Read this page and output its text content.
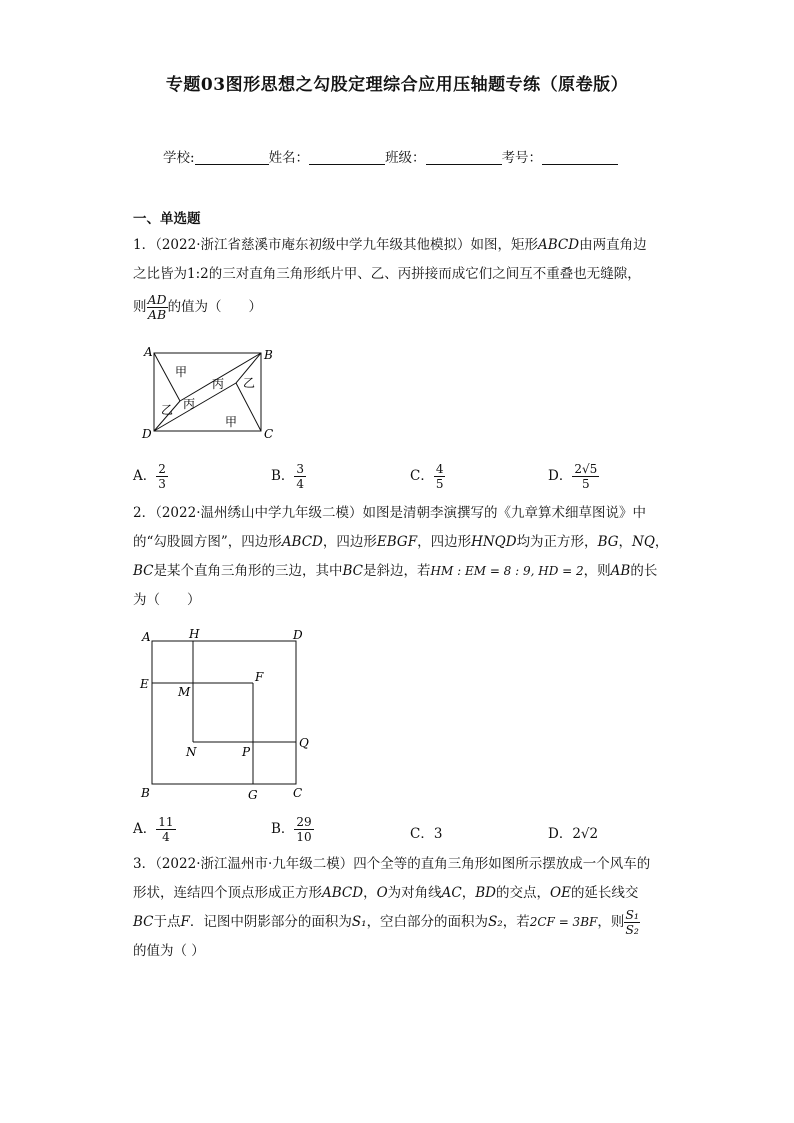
专题03图形思想之勾股定理综合应用压轴题专练（原卷版）
学校:	姓名：	班级：	考号：
一、单选题
1．（2022·浙江省慈溪市庵东初级中学九年级其他模拟）如图，矩形ABCD由两直角边
之比皆为1:2的三对直角三角形纸片甲、乙、丙拼接而成它们之间互不重叠也无缝隙，
则 $\frac{AD}{AB}$ 的值为（　　）
A	B
C
D
甲
丙 乙
乙 丙
甲
A． $\frac{2}{3}$	B． $\frac{3}{4}$	C． $\frac{4}{5}$	D． $\frac{2√5}{5}$
2．（2022·温州绣山中学九年级二模）如图是清朝李演撰写的《九章算术细草图说》中
的“勾股圆方图”，四边形ABCD，四边形EBGF，四边形HNQD均为正方形，BG，NQ，
BC是某个直角三角形的三边，其中BC是斜边，若HM : EM = 8 : 9, HD = 2，则AB的长
为（　　）
A	H	D
E
M
F
N	P
Q
B	G	C
A． $\frac{11}{4}$	B． $\frac{29}{10}$	C．3	D．2√2
3．（2022·浙江温州市·九年级二模）四个全等的直角三角形如图所示摆放成一个风车的
形状，连结四个顶点形成正方形ABCD，O为对角线AC，BD的交点，OE的延长线交
BC于点F．记图中阴影部分的面积为S₁，空白部分的面积为S₂，若2CF = 3BF，则 $\frac{\text{S₁}}{\text{S₂}}$
的值为（ ）
